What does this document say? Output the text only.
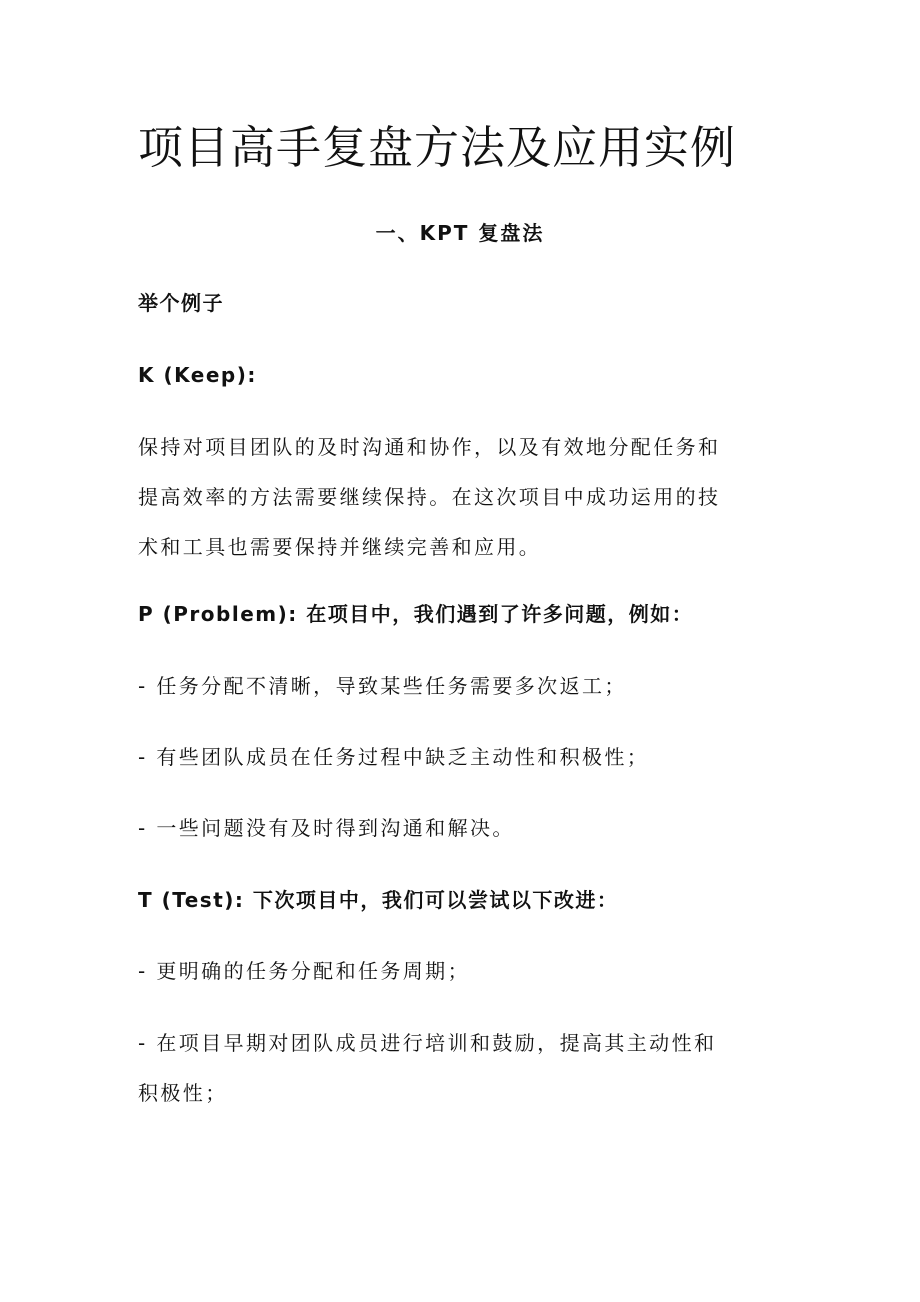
项目高手复盘方法及应用实例
一、KPT 复盘法

举个例子

K (Keep):

保持对项目团队的及时沟通和协作，以及有效地分配任务和
提高效率的方法需要继续保持。在这次项目中成功运用的技
术和工具也需要保持并继续完善和应用。

P (Problem): 在项目中，我们遇到了许多问题，例如：

- 任务分配不清晰，导致某些任务需要多次返工；

- 有些团队成员在任务过程中缺乏主动性和积极性；

- 一些问题没有及时得到沟通和解决。

T (Test): 下次项目中，我们可以尝试以下改进：

- 更明确的任务分配和任务周期；

- 在项目早期对团队成员进行培训和鼓励，提高其主动性和
积极性；
